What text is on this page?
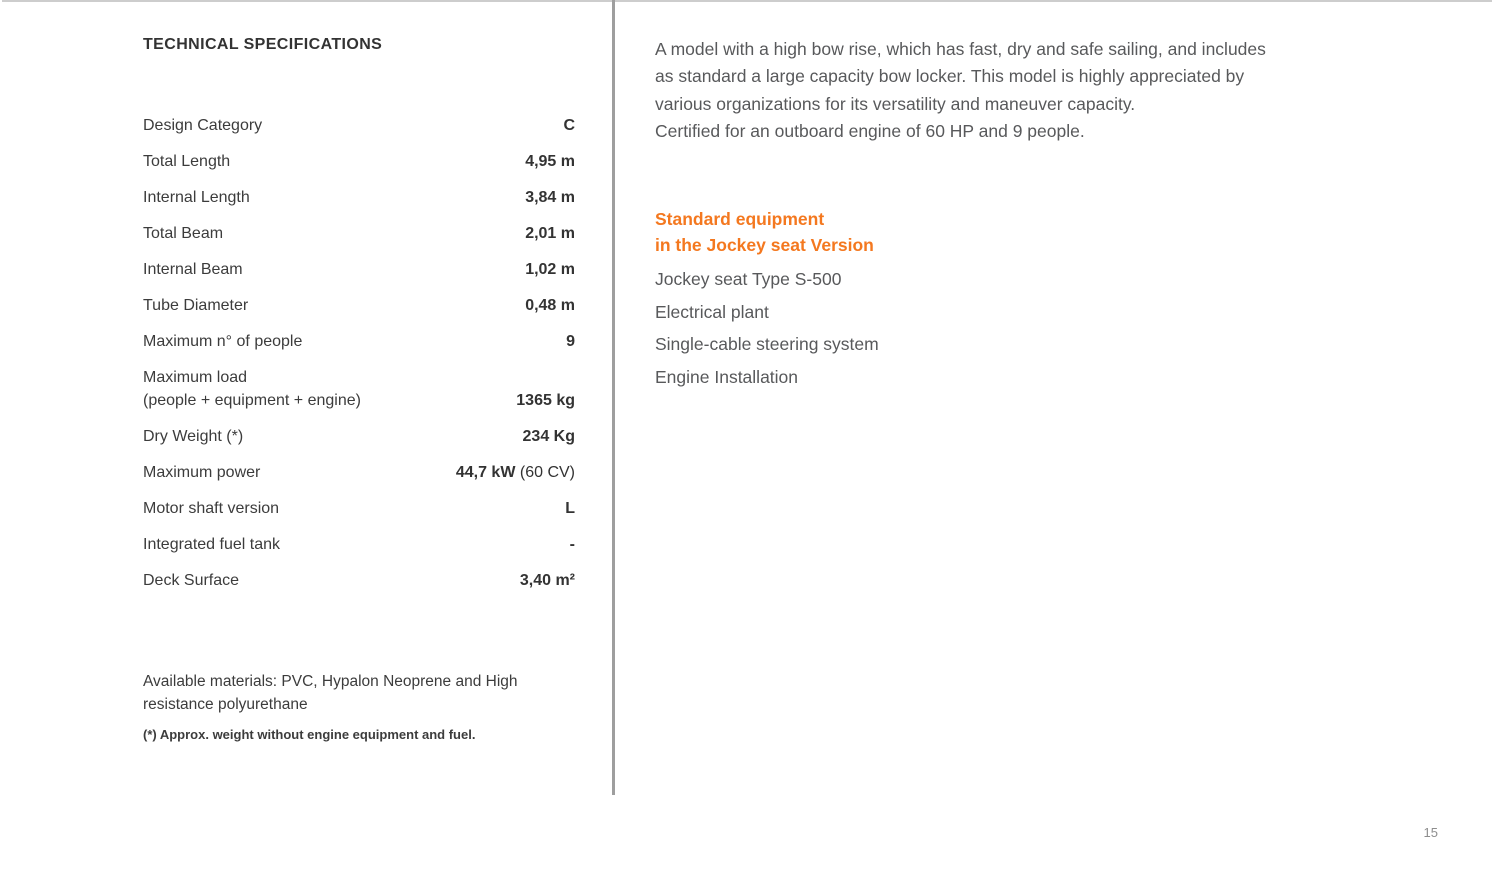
TECHNICAL SPECIFICATIONS
Design Category	C
Total Length	4,95 m
Internal Length	3,84 m
Total Beam	2,01 m
Internal Beam	1,02 m
Tube Diameter	0,48 m
Maximum n° of people	9
Maximum load
(people + equipment + engine)	1365 kg
Dry Weight (*)	234 Kg
Maximum power	44,7 kW (60 CV)
Motor shaft version	L
Integrated fuel tank	-
Deck Surface	3,40 m²

Available materials: PVC, Hypalon Neoprene and High resistance polyurethane

(*) Approx. weight without engine equipment and fuel.

A model with a high bow rise, which has fast, dry and safe sailing, and includes
as standard a large capacity bow locker. This model is highly appreciated by
various organizations for its versatility and maneuver capacity.
Certified for an outboard engine of 60 HP and 9 people.
Standard equipment
in the Jockey seat Version
Jockey seat Type S-500
Electrical plant
Single-cable steering system
Engine Installation
15
